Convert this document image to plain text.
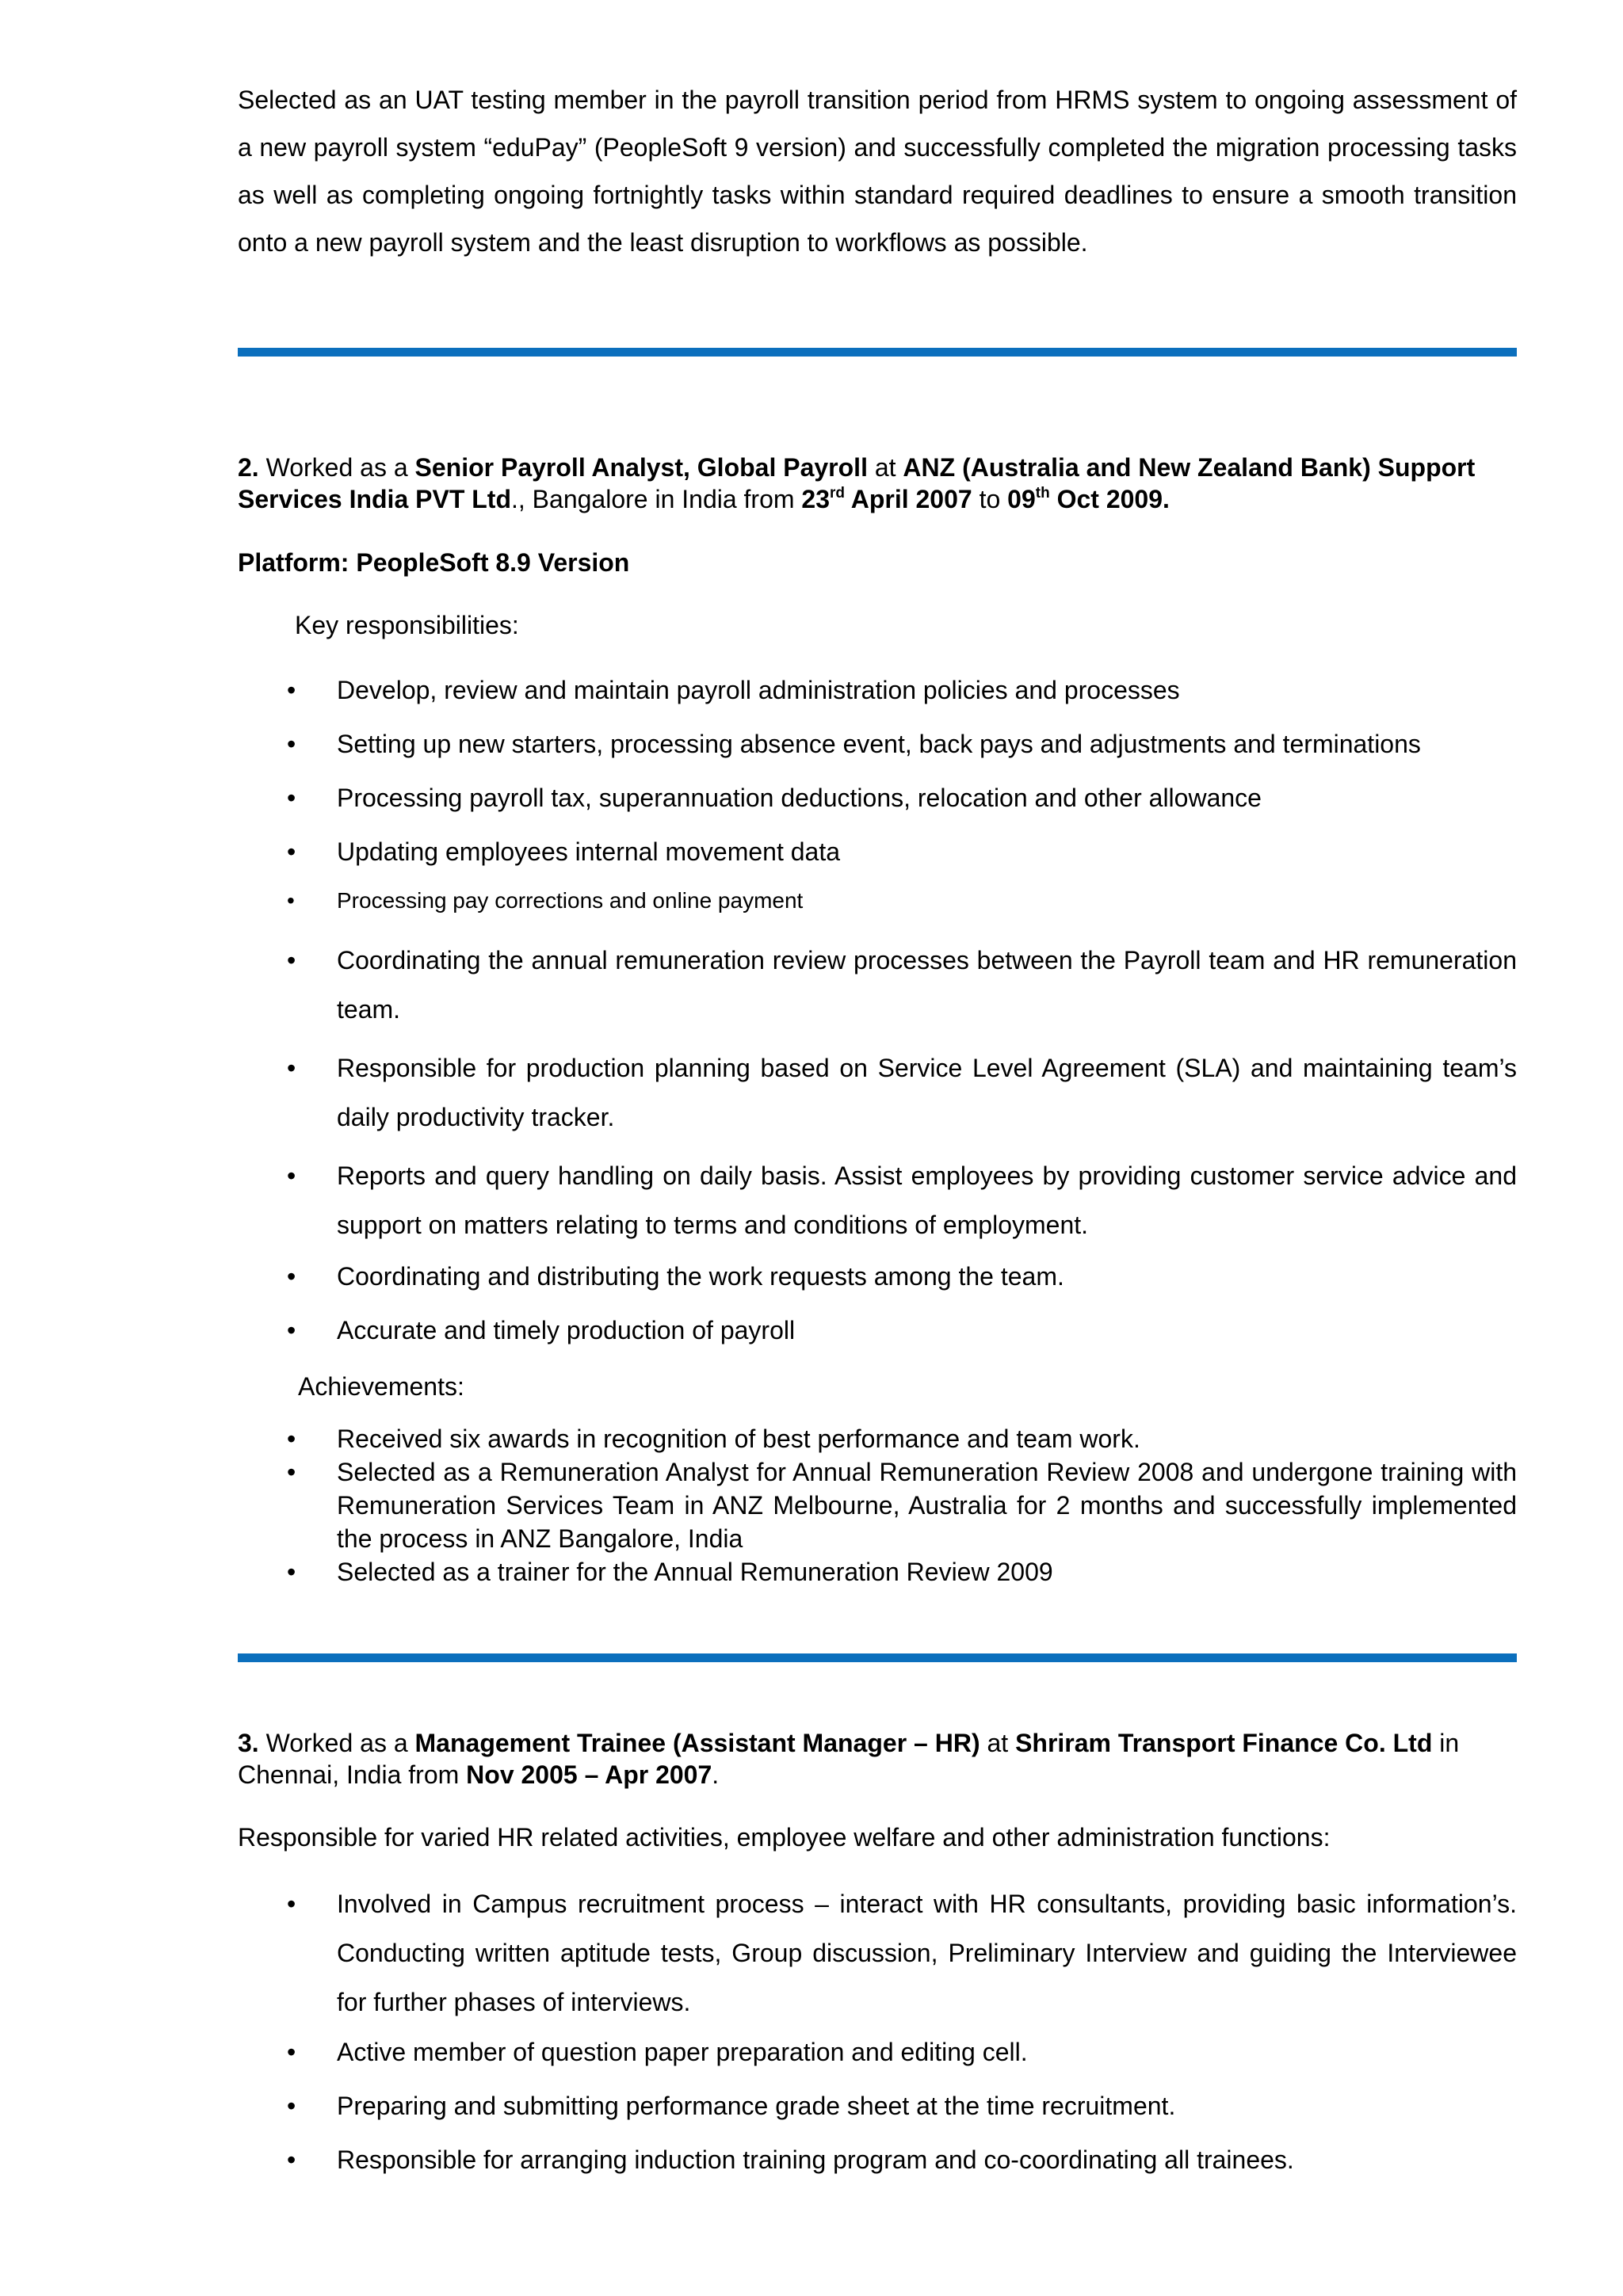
Selected as an UAT testing member in the payroll transition period from HRMS system to ongoing assessment of a new payroll system “eduPay” (PeopleSoft 9 version) and successfully completed the migration processing tasks as well as completing ongoing fortnightly tasks within standard required deadlines to ensure a smooth transition onto a new payroll system and the least disruption to workflows as possible.

2. Worked as a Senior Payroll Analyst, Global Payroll at ANZ (Australia and New Zealand Bank) Support Services India PVT Ltd., Bangalore in India from 23rd April 2007 to 09th Oct 2009.

Platform: PeopleSoft 8.9 Version

Key responsibilities:

• Develop, review and maintain payroll administration policies and processes
• Setting up new starters, processing absence event, back pays and adjustments and terminations
• Processing payroll tax, superannuation deductions, relocation and other allowance
• Updating employees internal movement data
• Processing pay corrections and online payment
• Coordinating the annual remuneration review processes between the Payroll team and HR remuneration team.
• Responsible for production planning based on Service Level Agreement (SLA) and maintaining team’s daily productivity tracker.
• Reports and query handling on daily basis. Assist employees by providing customer service advice and support on matters relating to terms and conditions of employment.
• Coordinating and distributing the work requests among the team.
• Accurate and timely production of payroll

Achievements:

• Received six awards in recognition of best performance and team work.
• Selected as a Remuneration Analyst for Annual Remuneration Review 2008 and undergone training with Remuneration Services Team in ANZ Melbourne, Australia for 2 months and successfully implemented the process in ANZ Bangalore, India
• Selected as a trainer for the Annual Remuneration Review 2009

3. Worked as a Management Trainee (Assistant Manager – HR) at Shriram Transport Finance Co. Ltd in Chennai, India from Nov 2005 – Apr 2007.

Responsible for varied HR related activities, employee welfare and other administration functions:

• Involved in Campus recruitment process – interact with HR consultants, providing basic information’s. Conducting written aptitude tests, Group discussion, Preliminary Interview and guiding the Interviewee for further phases of interviews.
• Active member of question paper preparation and editing cell.
• Preparing and submitting performance grade sheet at the time recruitment.
• Responsible for arranging induction training program and co-coordinating all trainees.
